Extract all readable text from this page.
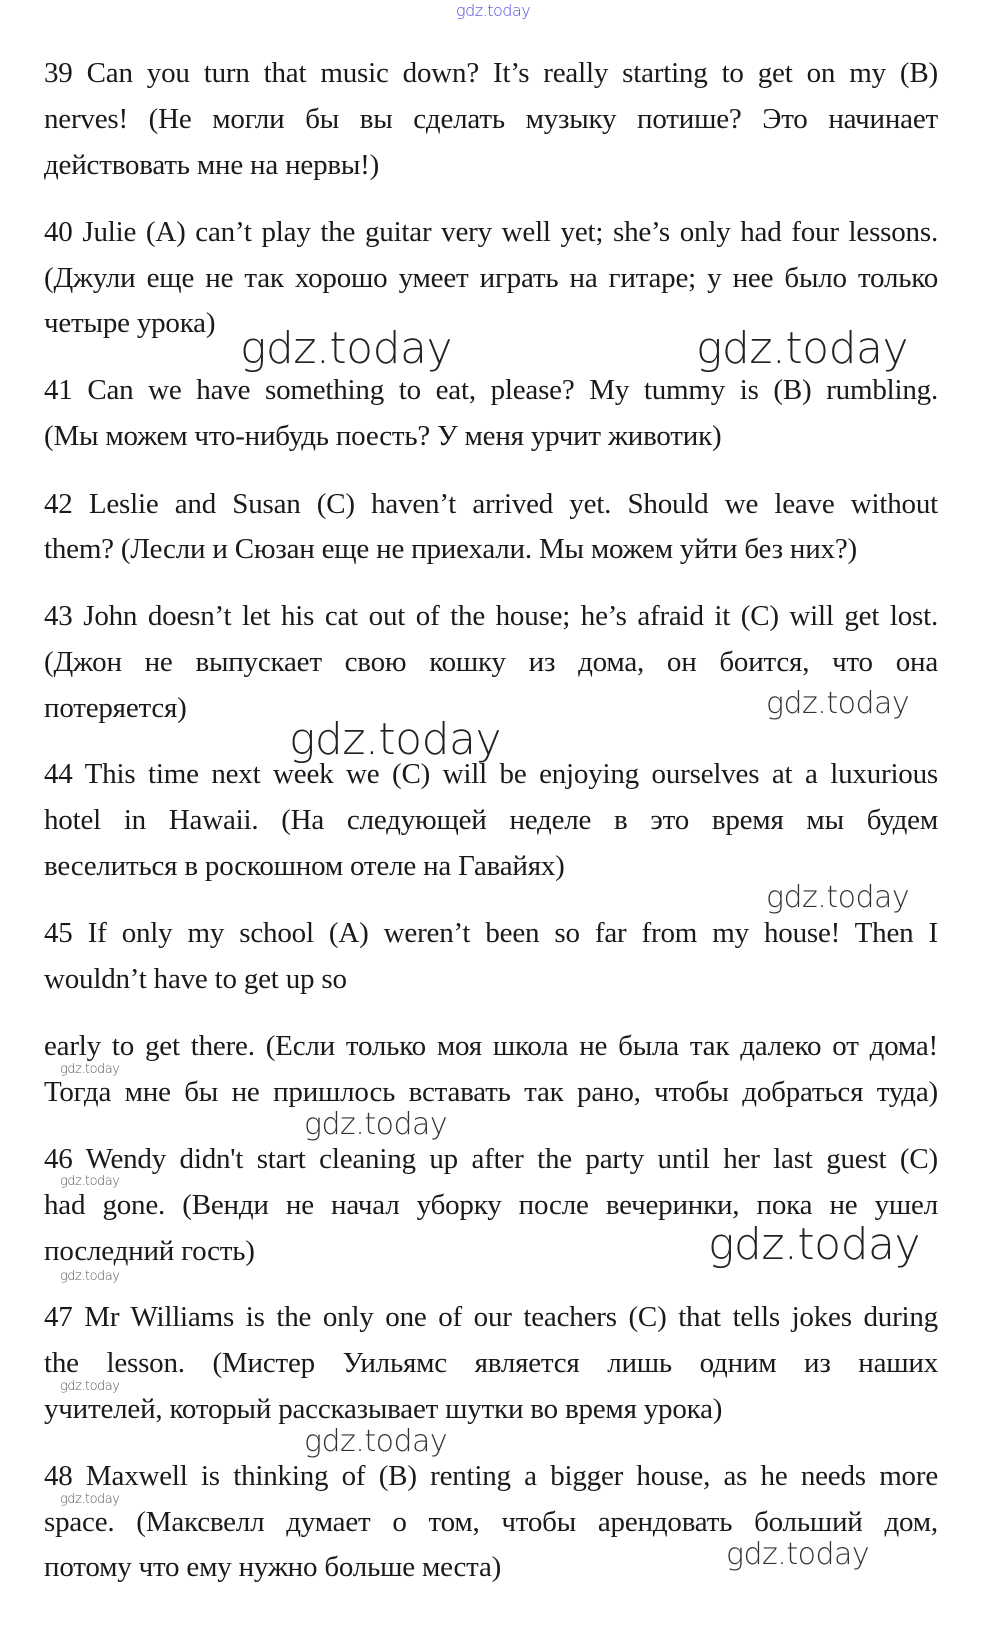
39 Can you turn that music down? It’s really starting to get on my (B)
nerves! (Не могли бы вы сделать музыку потише? Это начинает
действовать мне на нервы!)
40 Julie (A) can’t play the guitar very well yet; she’s only had four lessons.
(Джули еще не так хорошо умеет играть на гитаре; у нее было только
четыре урока)
41 Can we have something to eat, please? My tummy is (B) rumbling.
(Мы можем что-нибудь поесть? У меня урчит животик)
42 Leslie and Susan (C) haven’t arrived yet. Should we leave without
them? (Лесли и Сюзан еще не приехали. Мы можем уйти без них?)
43 John doesn’t let his cat out of the house; he’s afraid it (C) will get lost.
(Джон не выпускает свою кошку из дома, он боится, что она
потеряется)
44 This time next week we (C) will be enjoying ourselves at a luxurious
hotel in Hawaii. (На следующей неделе в это время мы будем
веселиться в роскошном отеле на Гавайях)
45 If only my school (A) weren’t been so far from my house! Then I
wouldn’t have to get up so
early to get there. (Если только моя школа не была так далеко от дома!
Тогда мне бы не пришлось вставать так рано, чтобы добраться туда)
46 Wendy didn't start cleaning up after the party until her last guest (C)
had gone. (Венди не начал уборку после вечеринки, пока не ушел
последний гость)
47 Mr Williams is the only one of our teachers (C) that tells jokes during
the lesson. (Мистер Уильямс является лишь одним из наших
учителей, который рассказывает шутки во время урока)
48 Maxwell is thinking of (B) renting a bigger house, as he needs more
space. (Максвелл думает о том, чтобы арендовать больший дом,
потому что ему нужно больше места)
gdz.today
gdz.today	gdz.today
gdz.today
gdz.today
gdz.today
gdz.today
gdz.today
gdz.today
gdz.today
gdz.today
gdz.today
gdz.today
gdz.today
gdz.today
